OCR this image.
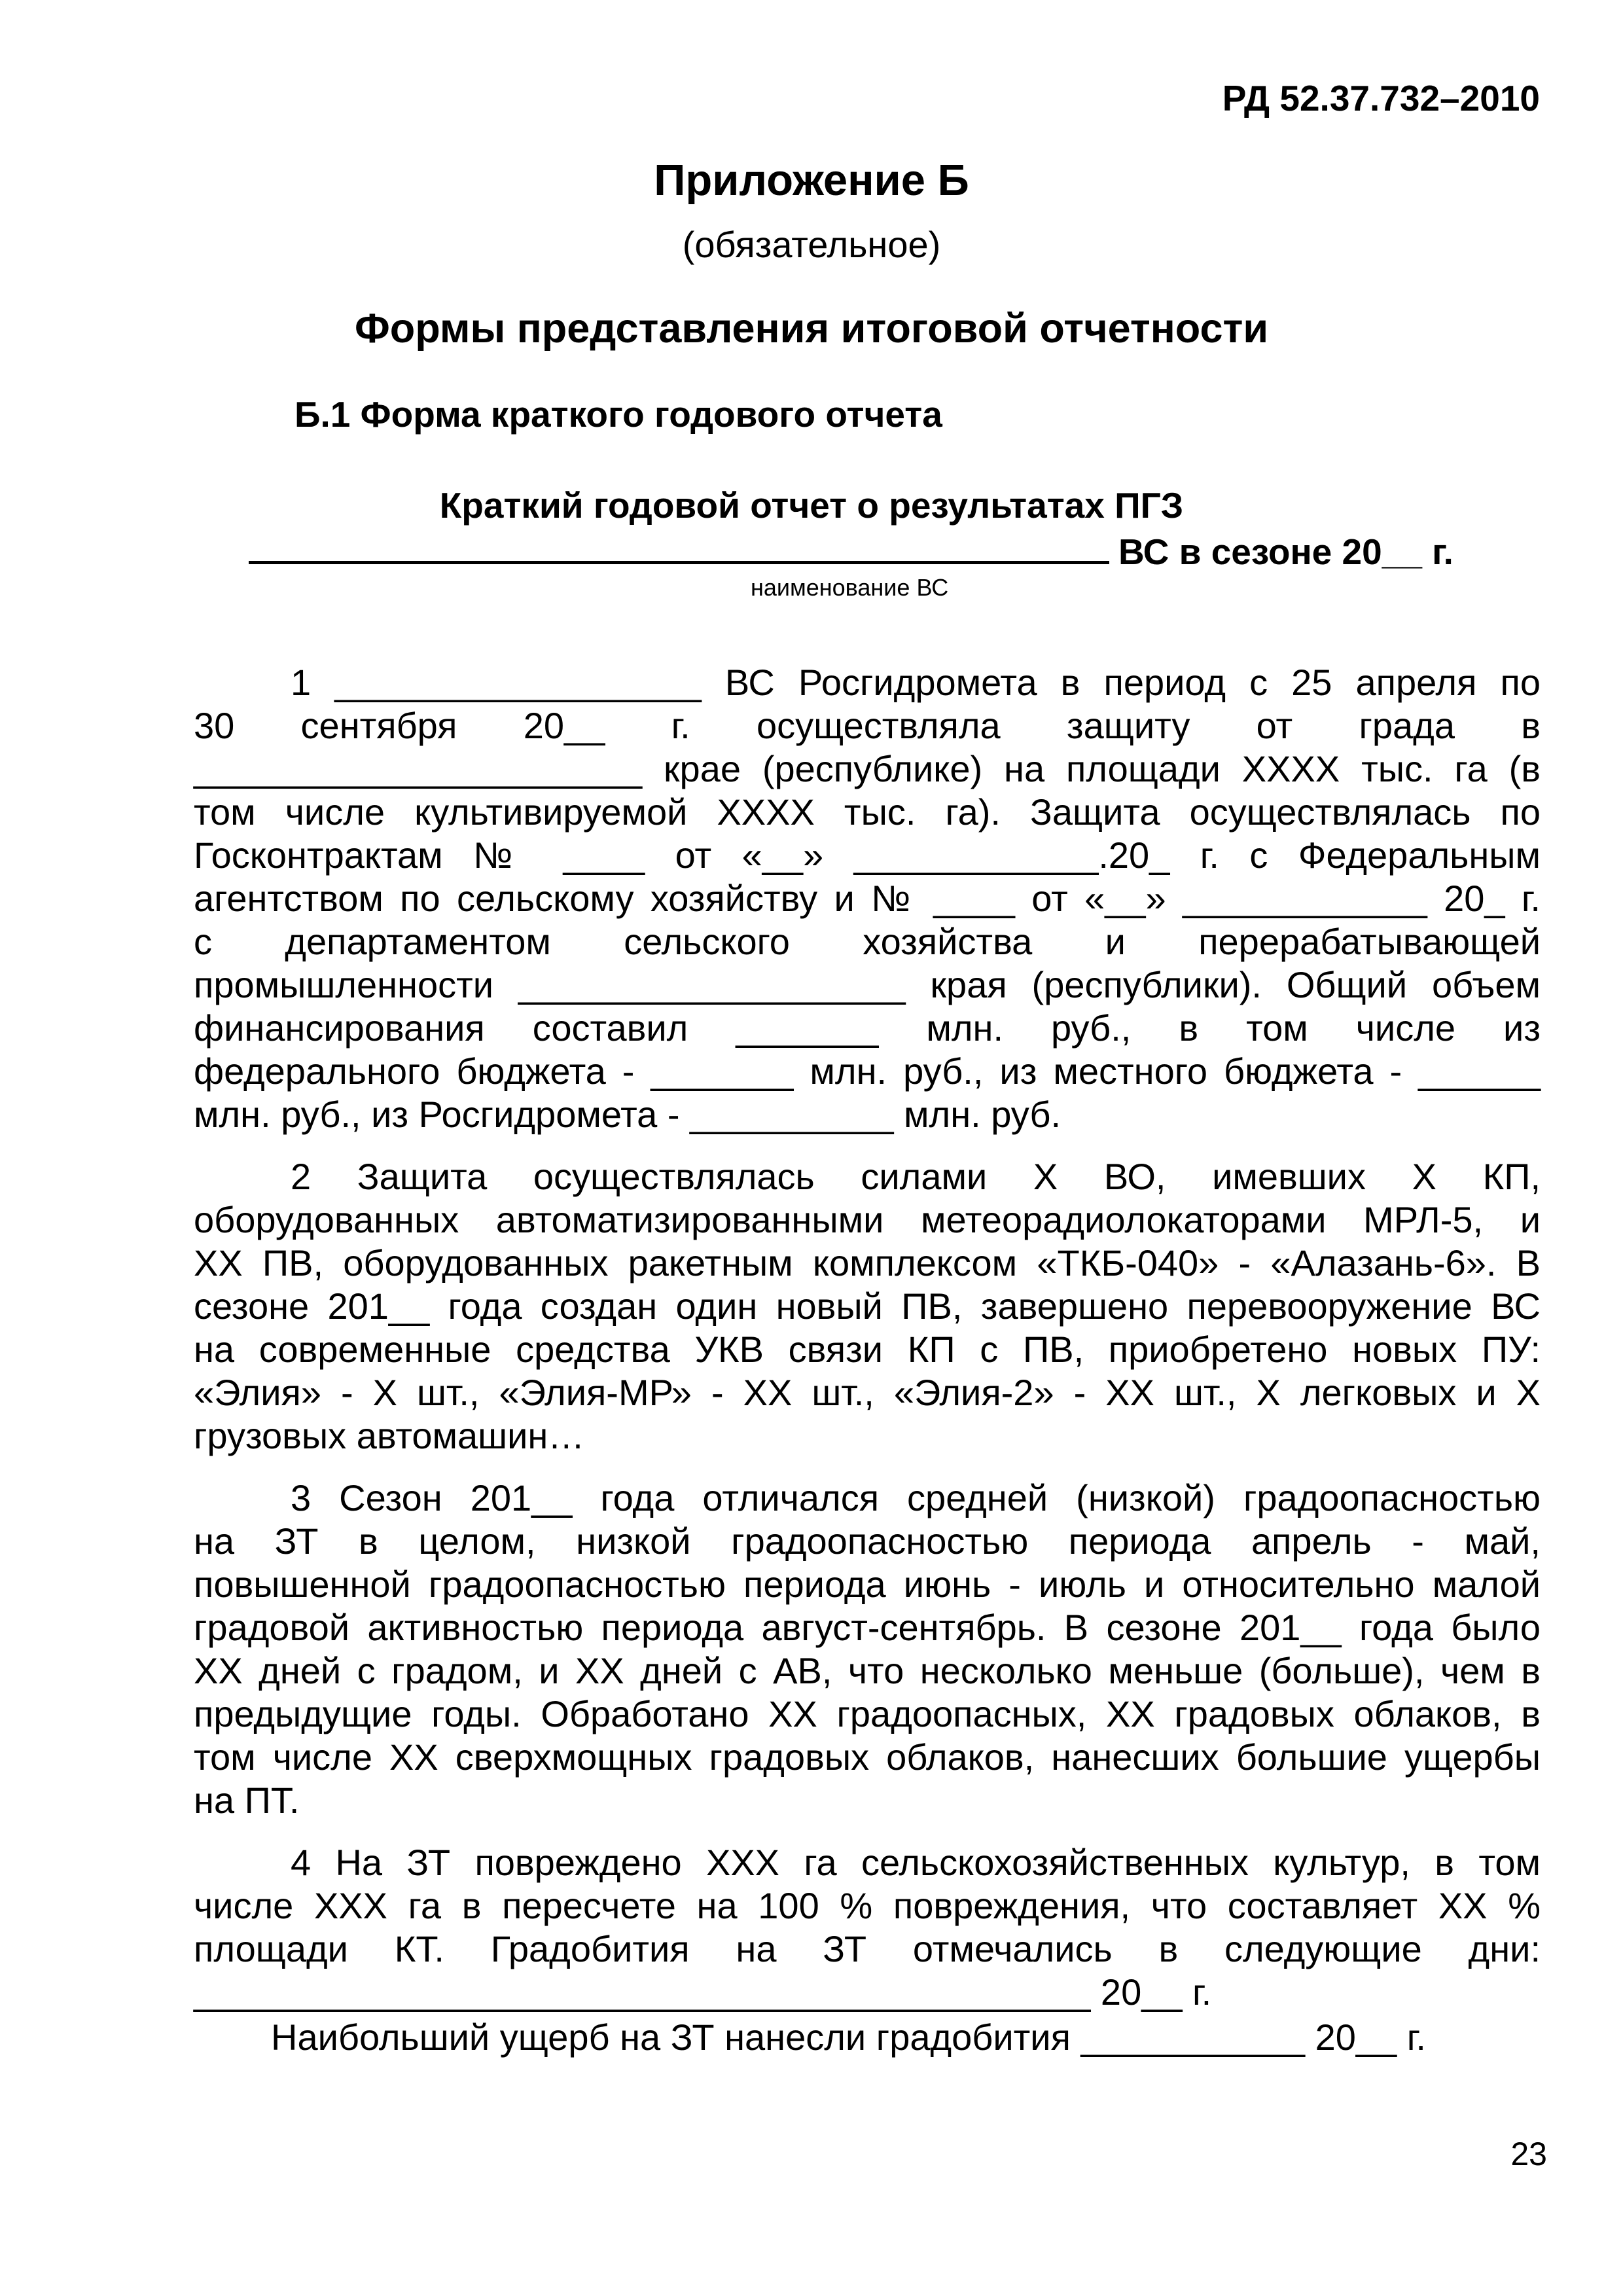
РД 52.37.732–2010
Приложение Б
(обязательное)
Формы представления итоговой отчетности
Б.1 Форма краткого годового отчета
Краткий годовой отчет о результатах ПГЗ
ВС в сезоне 20__ г.
наименование ВС
1 __________________ ВС Росгидромета в период с 25 апреля по
30 сентября 20__ г. осуществляла защиту от града в
______________________ крае (республике) на площади ХХХХ тыс. га (в
том числе культивируемой ХХХХ тыс. га). Защита осуществлялась по
Госконтрактам № ____ от «__» ____________.20_ г. с Федеральным
агентством по сельскому хозяйству и № ____ от «__» ____________ 20_ г.
с департаментом сельского хозяйства и перерабатывающей
промышленности ___________________ края (республики). Общий объем
финансирования составил _______ млн. руб., в том числе из
федерального бюджета - _______ млн. руб., из местного бюджета - ______
млн. руб., из Росгидромета - __________ млн. руб.
2 Защита осуществлялась силами Х ВО, имевших Х КП,
оборудованных автоматизированными метеорадиолокаторами МРЛ-5, и
ХХ ПВ, оборудованных ракетным комплексом «ТКБ-040» - «Алазань-6». В
сезоне 201__ года создан один новый ПВ, завершено перевооружение ВС
на современные средства УКВ связи КП с ПВ, приобретено новых ПУ:
«Элия» - Х шт., «Элия-МР» - ХХ шт., «Элия-2» - ХХ шт., Х легковых и Х
грузовых автомашин…
3 Сезон 201__ года отличался средней (низкой) градоопасностью
на ЗТ в целом, низкой градоопасностью периода апрель - май,
повышенной градоопасностью периода июнь - июль и относительно малой
градовой активностью периода август-сентябрь. В сезоне 201__ года было
ХХ дней с градом, и ХХ дней с АВ, что несколько меньше (больше), чем в
предыдущие годы. Обработано ХХ градоопасных, ХХ градовых облаков, в
том числе ХХ сверхмощных градовых облаков, нанесших большие ущербы
на ПТ.
4 На ЗТ повреждено ХХХ га сельскохозяйственных культур, в том
числе ХХХ га в пересчете на 100 % повреждения, что составляет ХХ %
площади КТ. Градобития на ЗТ отмечались в следующие дни:
____________________________________________ 20__ г.
Наибольший ущерб на ЗТ нанесли градобития ___________ 20__ г.
23
